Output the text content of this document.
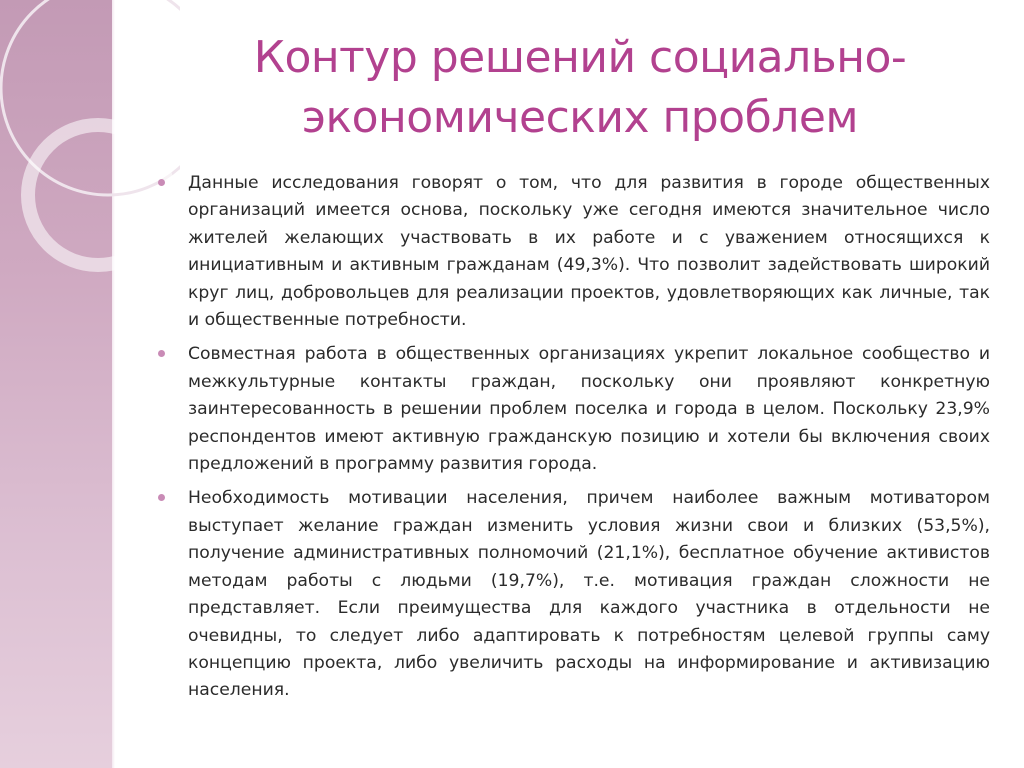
Контур решений социально-
экономических проблем

Данные исследования говорят о том, что для развития в городе общественных организаций имеется основа, поскольку уже сегодня имеются значительное число жителей желающих участвовать в их работе и с уважением относящихся к инициативным и активным гражданам (49,3%). Что позволит задействовать широкий круг лиц, добровольцев для реализации проектов, удовлетворяющих как личные, так и общественные потребности.

Совместная работа в общественных организациях укрепит локальное сообщество и межкультурные контакты граждан, поскольку они проявляют конкретную заинтересованность в решении проблем поселка и города в целом. Поскольку 23,9% респондентов имеют активную гражданскую позицию и хотели бы включения своих предложений в программу развития города.

Необходимость мотивации населения, причем наиболее важным мотиватором выступает желание граждан изменить условия жизни свои и близких (53,5%), получение административных полномочий (21,1%), бесплатное обучение активистов методам работы с людьми (19,7%), т.е. мотивация граждан сложности не представляет. Если преимущества для каждого участника в отдельности не очевидны, то следует либо адаптировать к потребностям целевой группы саму концепцию проекта, либо увеличить расходы на информирование и активизацию населения.
